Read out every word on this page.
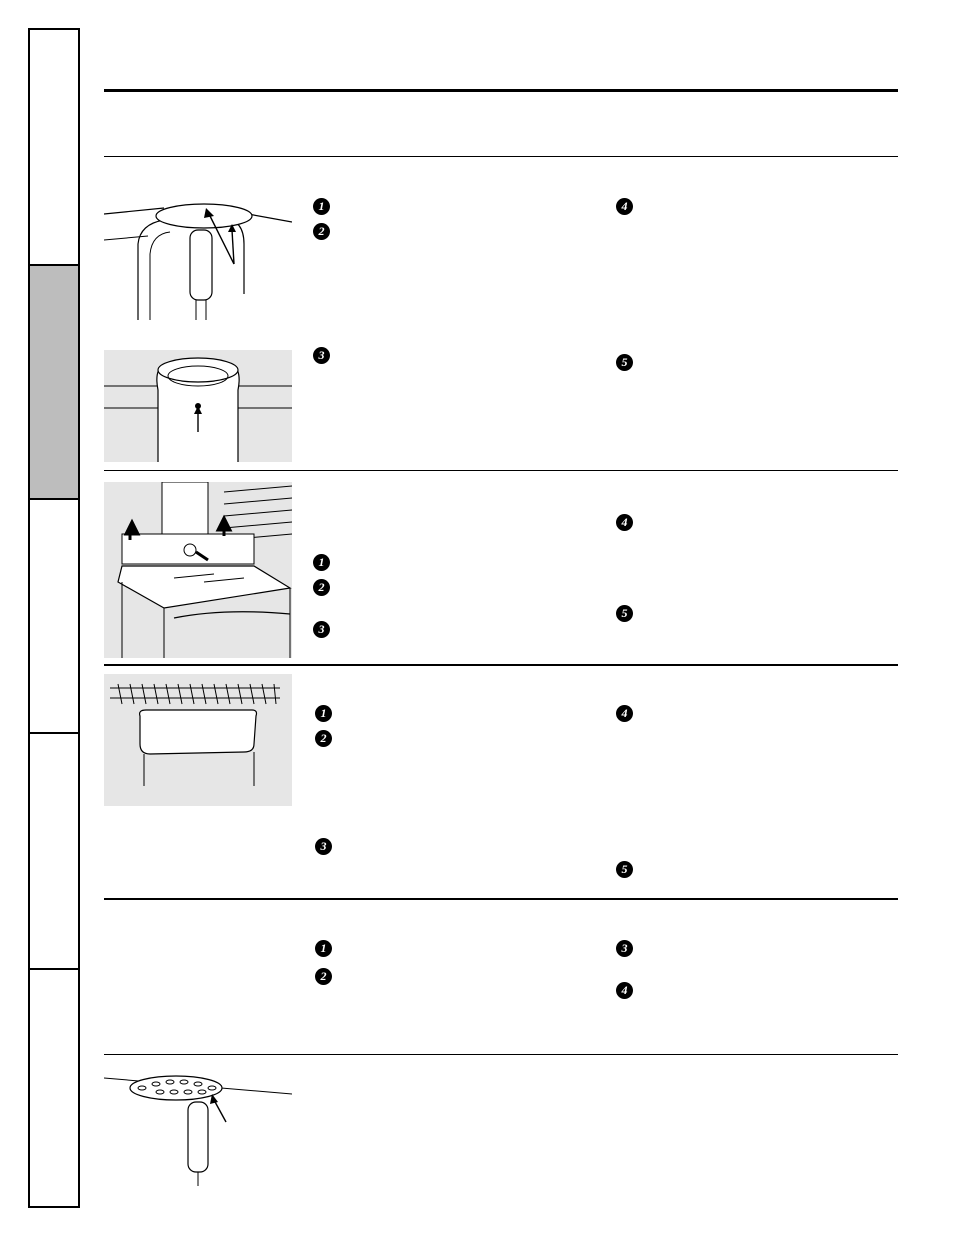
1
2
4
3	5
1
2
3
4
5
1
2
3
4
5
1
2
3
4
